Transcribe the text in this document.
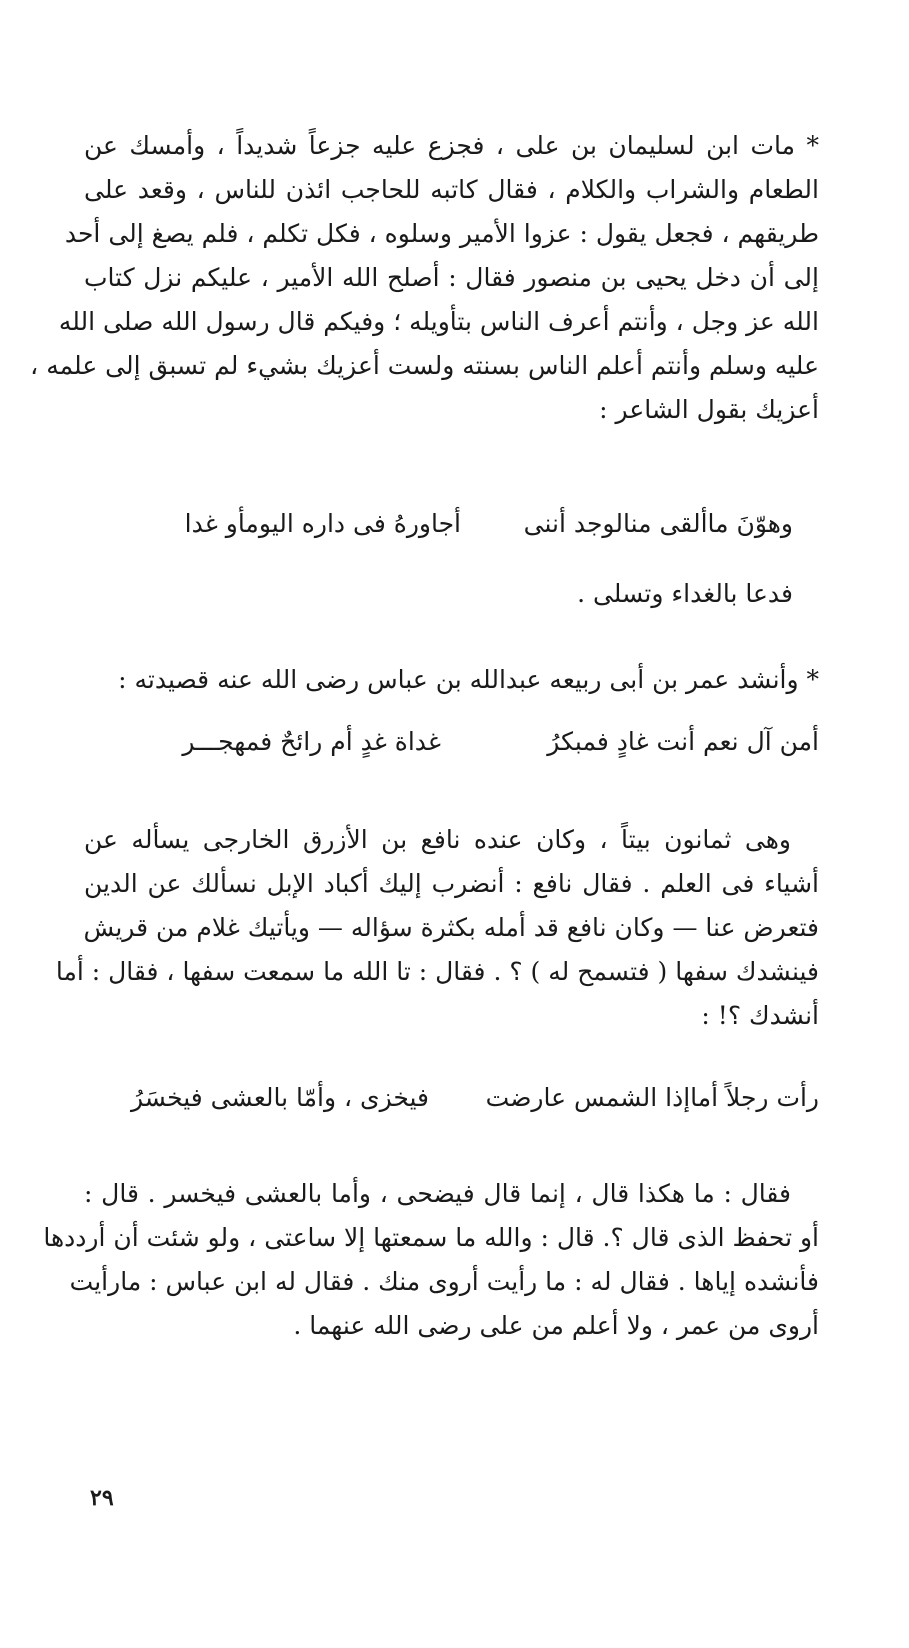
* مات ابن لسليمان بن على ، فجزع عليه جزعاً شديداً ، وأمسك عن
الطعام والشراب والكلام ، فقال كاتبه للحاجب ائذن للناس ، وقعد على
طريقهم ، فجعل يقول : عزوا الأمير وسلوه ، فكل تكلم ، فلم يصغ إلى أحد
إلى أن دخل يحيى بن منصور فقال : أصلح الله الأمير ، عليكم نزل كتاب
الله عز وجل ، وأنتم أعرف الناس بتأويله ؛ وفيكم قال رسول الله صلى الله
عليه وسلم وأنتم أعلم الناس بسنته ولست أعزيك بشيء لم تسبق إلى علمه ،
أعزيك بقول الشاعر :
وهوّنَ ماألقى منالوجد أننى
أجاورهُ فى داره اليومأو غدا
فدعا بالغداء وتسلى .
* وأنشد عمر بن أبى ربيعه عبدالله بن عباس رضى الله عنه قصيدته :
أمن آل نعم أنت غادٍ فمبكرُ
غداة غدٍ أم رائحٌ فمهجـــر
وهى ثمانون بيتاً ، وكان عنده نافع بن الأزرق الخارجى يسأله عن
أشياء فى العلم . فقال نافع : أنضرب إليك أكباد الإبل نسألك عن الدين
فتعرض عنا — وكان نافع قد أمله بكثرة سؤاله — ويأتيك غلام من قريش
فينشدك سفها ( فتسمح له ) ؟ . فقال : تا الله ما سمعت سفها ، فقال : أما
أنشدك ؟! :
رأت رجلاً أماإذا الشمس عارضت
فيخزى ، وأمّا بالعشى فيخسَرُ
فقال : ما هكذا قال ، إنما قال فيضحى ، وأما بالعشى فيخسر . قال :
أو تحفظ الذى قال ؟. قال : والله ما سمعتها إلا ساعتى ، ولو شئت أن أرددها
فأنشده إياها . فقال له : ما رأيت أروى منك . فقال له ابن عباس : مارأيت
أروى من عمر ، ولا أعلم من على رضى الله عنهما .
٢٩
